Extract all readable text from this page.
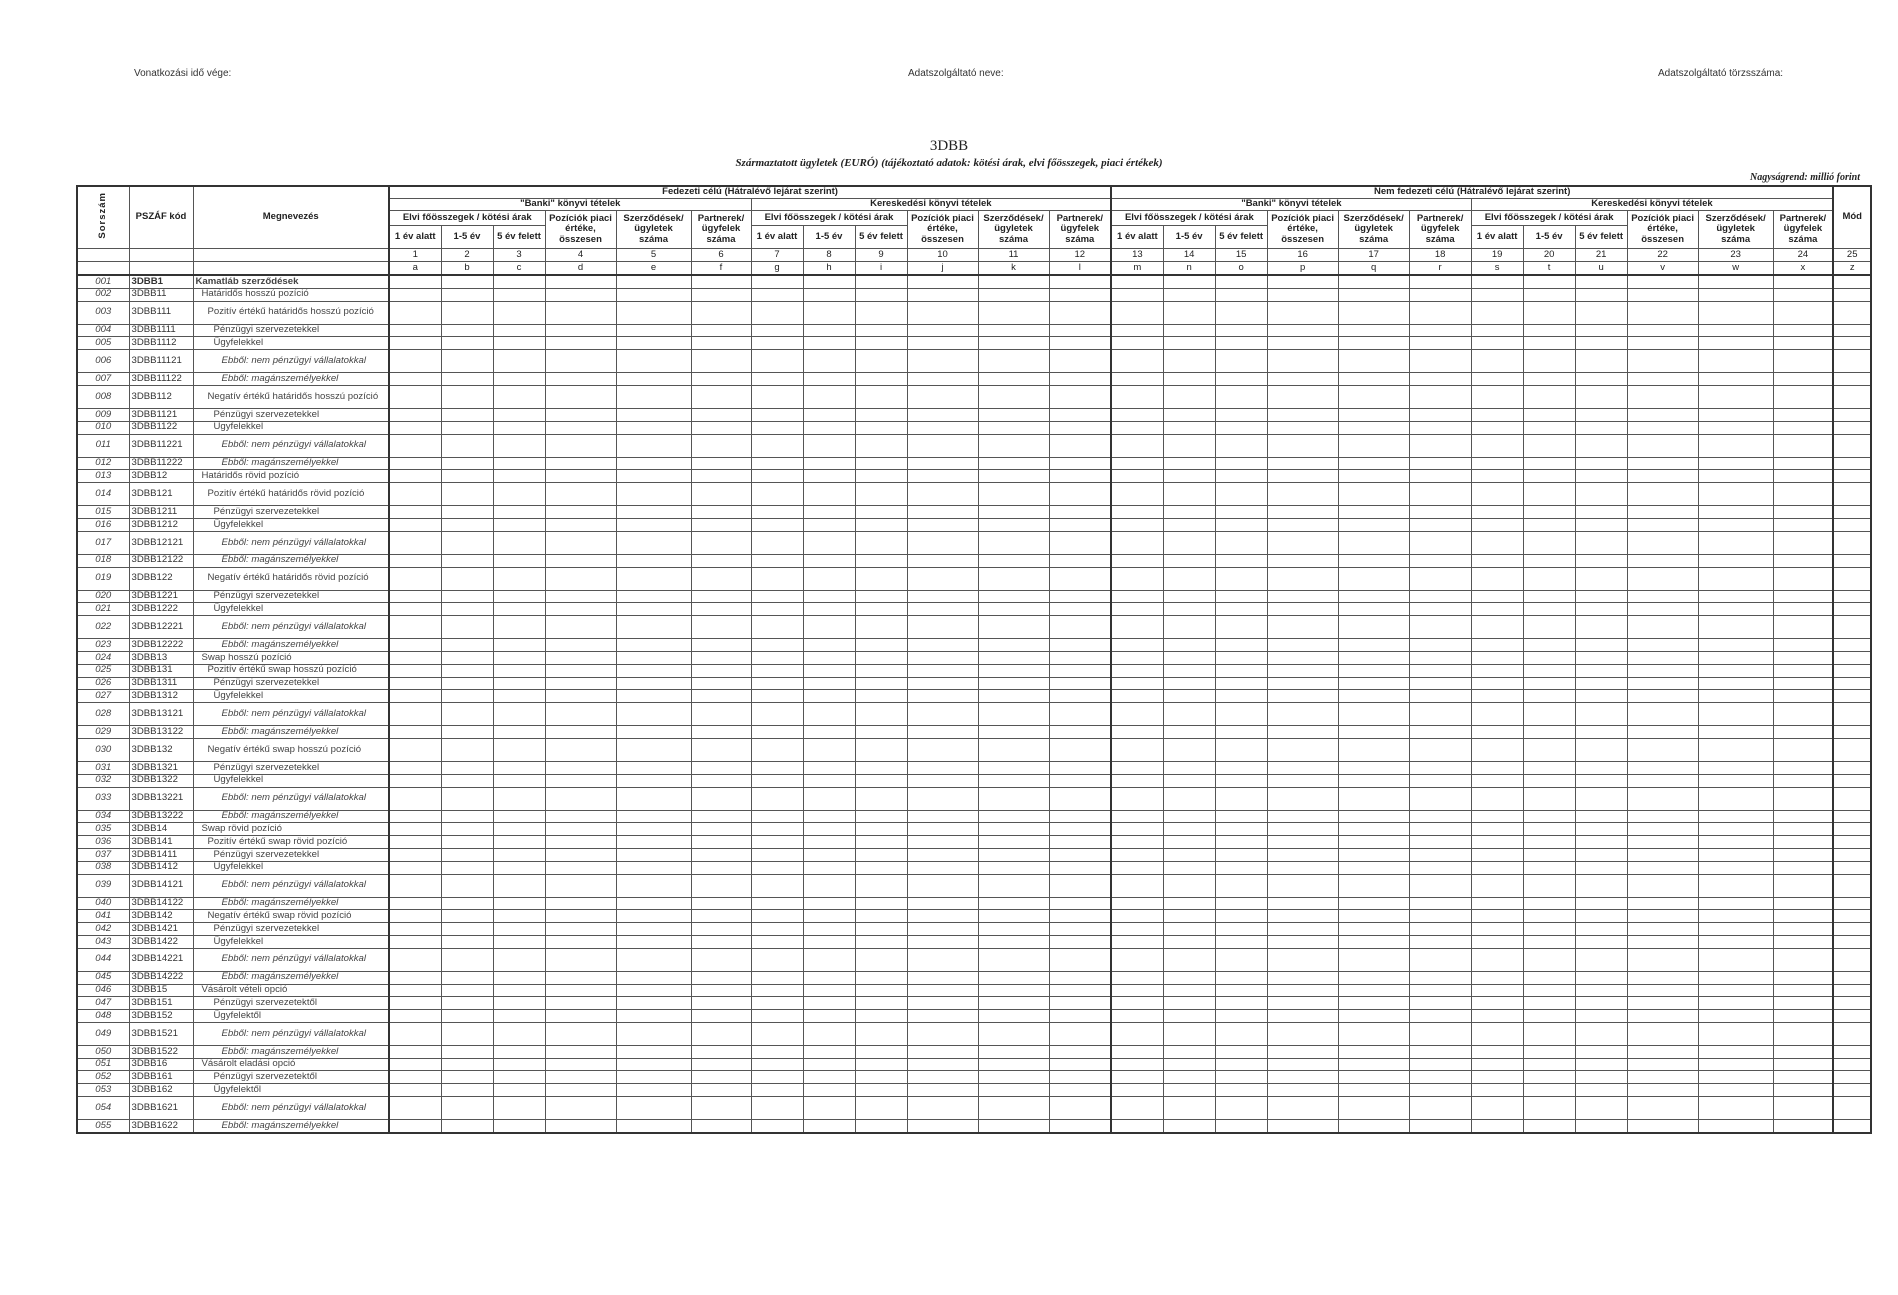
Vonatkozási idő vége:	Adatszolgáltató neve:	Adatszolgáltató törzsszáma:
3DBB
Származtatott ügyletek (EURÓ) (tájékoztató adatok: kötési árak, elvi főösszegek, piaci értékek)
Nagyságrend: millió forint
Sorszám	PSZÁF kód	Megnevezés	Fedezeti célú (Hátralévő lejárat szerint)												Nem fedezeti célú (Hátralévő lejárat szerint)												Mód
			"Banki" könyvi tételek						Kereskedési könyvi tételek						"Banki" könyvi tételek						Kereskedési könyvi tételek						
			Elvi főösszegek / kötési árak			Pozíciók piaci értéke, összesen	Szerződések/ ügyletek száma	Partnerek/ ügyfelek száma	Elvi főösszegek / kötési árak			Pozíciók piaci értéke, összesen	Szerződések/ ügyletek száma	Partnerek/ ügyfelek száma	Elvi főösszegek / kötési árak			Pozíciók piaci értéke, összesen	Szerződések/ ügyletek száma	Partnerek/ ügyfelek száma	Elvi főösszegek / kötési árak			Pozíciók piaci értéke, összesen	Szerződések/ ügyletek száma	Partnerek/ ügyfelek száma	
			1 év alatt	1-5 év	5 év felett				1 év alatt	1-5 év	5 év felett				1 év alatt	1-5 év	5 év felett				1 év alatt	1-5 év	5 év felett				
			1	2	3	4	5	6	7	8	9	10	11	12	13	14	15	16	17	18	19	20	21	22	23	24	25
			a	b	c	d	e	f	g	h	i	j	k	l	m	n	o	p	q	r	s	t	u	v	w	x	z
001	3DBB1	Kamatláb szerződések																									
002	3DBB11	Határidős hosszú pozíció																									
003	3DBB111	Pozitív értékű határidős hosszú pozíció																									
004	3DBB1111	Pénzügyi szervezetekkel																									
005	3DBB1112	Ügyfelekkel																									
006	3DBB11121	Ebből: nem pénzügyi vállalatokkal																									
007	3DBB11122	Ebből: magánszemélyekkel																									
008	3DBB112	Negatív értékű határidős hosszú pozíció																									
009	3DBB1121	Pénzügyi szervezetekkel																									
010	3DBB1122	Ügyfelekkel																									
011	3DBB11221	Ebből: nem pénzügyi vállalatokkal																									
012	3DBB11222	Ebből: magánszemélyekkel																									
013	3DBB12	Határidős rövid pozíció																									
014	3DBB121	Pozitív értékű határidős rövid pozíció																									
015	3DBB1211	Pénzügyi szervezetekkel																									
016	3DBB1212	Ügyfelekkel																									
017	3DBB12121	Ebből: nem pénzügyi vállalatokkal																									
018	3DBB12122	Ebből: magánszemélyekkel																									
019	3DBB122	Negatív értékű határidős rövid pozíció																									
020	3DBB1221	Pénzügyi szervezetekkel																									
021	3DBB1222	Ügyfelekkel																									
022	3DBB12221	Ebből: nem pénzügyi vállalatokkal																									
023	3DBB12222	Ebből: magánszemélyekkel																									
024	3DBB13	Swap hosszú pozíció																									
025	3DBB131	Pozitív értékű swap hosszú pozíció																									
026	3DBB1311	Pénzügyi szervezetekkel																									
027	3DBB1312	Ügyfelekkel																									
028	3DBB13121	Ebből: nem pénzügyi vállalatokkal																									
029	3DBB13122	Ebből: magánszemélyekkel																									
030	3DBB132	Negatív értékű swap hosszú pozíció																									
031	3DBB1321	Pénzügyi szervezetekkel																									
032	3DBB1322	Ügyfelekkel																									
033	3DBB13221	Ebből: nem pénzügyi vállalatokkal																									
034	3DBB13222	Ebből: magánszemélyekkel																									
035	3DBB14	Swap rövid pozíció																									
036	3DBB141	Pozitív értékű swap rövid pozíció																									
037	3DBB1411	Pénzügyi szervezetekkel																									
038	3DBB1412	Ügyfelekkel																									
039	3DBB14121	Ebből: nem pénzügyi vállalatokkal																									
040	3DBB14122	Ebből: magánszemélyekkel																									
041	3DBB142	Negatív értékű swap rövid pozíció																									
042	3DBB1421	Pénzügyi szervezetekkel																									
043	3DBB1422	Ügyfelekkel																									
044	3DBB14221	Ebből: nem pénzügyi vállalatokkal																									
045	3DBB14222	Ebből: magánszemélyekkel																									
046	3DBB15	Vásárolt vételi opció																									
047	3DBB151	Pénzügyi szervezetektől																									
048	3DBB152	Ügyfelektől																									
049	3DBB1521	Ebből: nem pénzügyi vállalatokkal																									
050	3DBB1522	Ebből: magánszemélyekkel																									
051	3DBB16	Vásárolt eladási opció																									
052	3DBB161	Pénzügyi szervezetektől																									
053	3DBB162	Ügyfelektől																									
054	3DBB1621	Ebből: nem pénzügyi vállalatokkal																									
055	3DBB1622	Ebből: magánszemélyekkel																									
